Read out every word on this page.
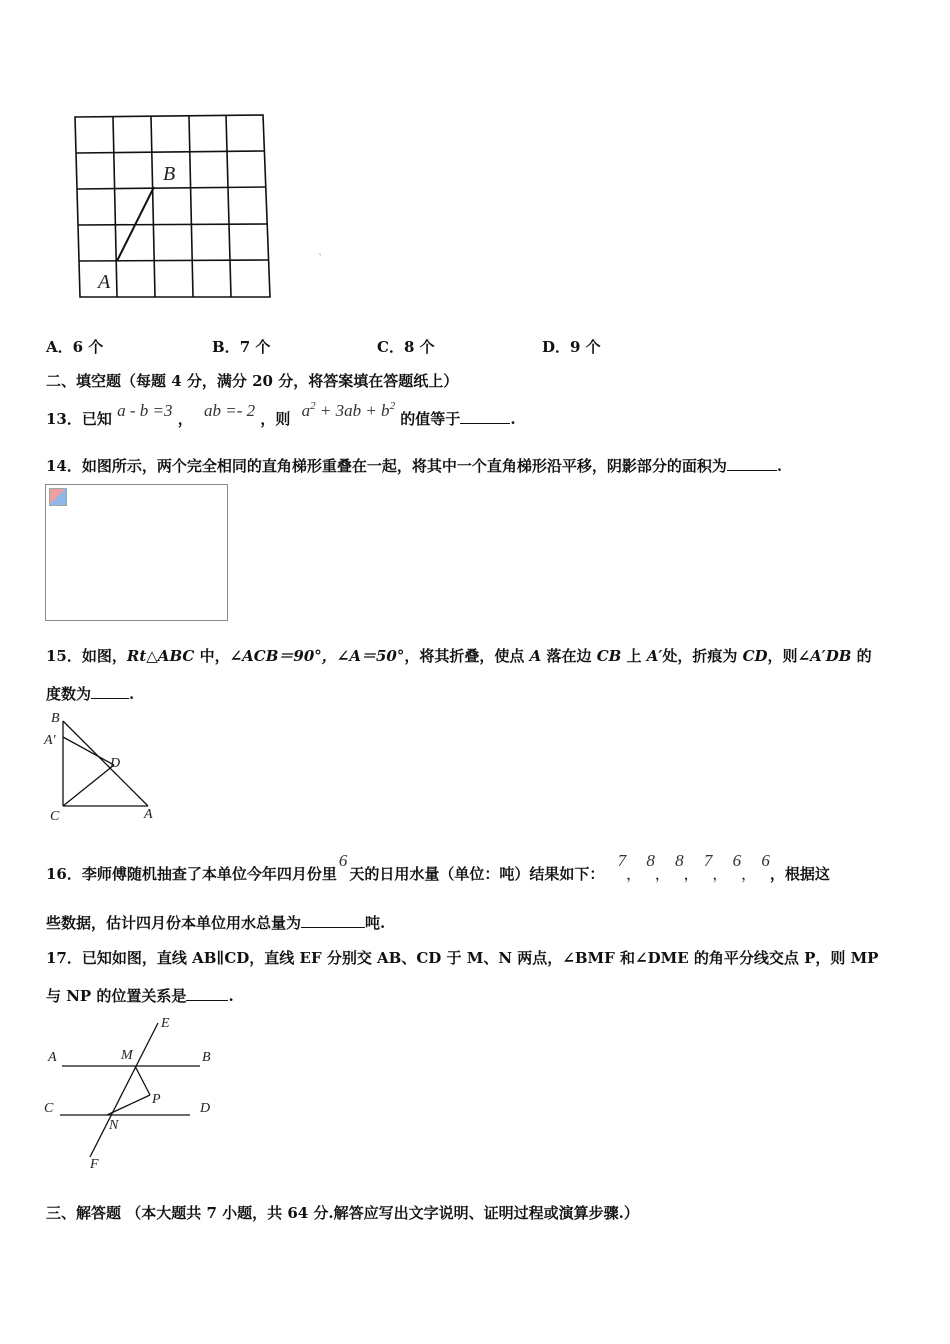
A
B
ˋ
A．6 个	B．7 个	C．8 个	D．9 个
二、填空题（每题 4 分，满分 20 分，将答案填在答题纸上）
13．已知 a - b =3 ， ab =- 2 ，则 $a^2 + 3ab + b^2$ 的值等于	.
14．如图所示，两个完全相同的直角梯形重叠在一起，将其中一个直角梯形沿平移，阴影部分的面积为	.
15．如图，Rt△ABC 中，∠ACB＝90°，∠A＝50°，将其折叠，使点 A 落在边 CB 上 A′处，折痕为 CD，则∠A′DB 的
度数为	.
B
A′
D
C	A
16．李师傅随机抽查了本单位今年四月份里6天的日用水量（单位：吨）结果如下： 7， 8， 8， 7， 6， 6，根据这
些数据，估计四月份本单位用水总量为	吨.
17．已知如图，直线 AB∥CD，直线 EF 分别交 AB、CD 于 M、N 两点，∠BMF 和∠DME 的角平分线交点 P，则 MP
与 NP 的位置关系是	.
E
A	M	B
P
C
N
D
F
三、解答题 （本大题共 7 小题，共 64 分.解答应写出文字说明、证明过程或演算步骤.）
